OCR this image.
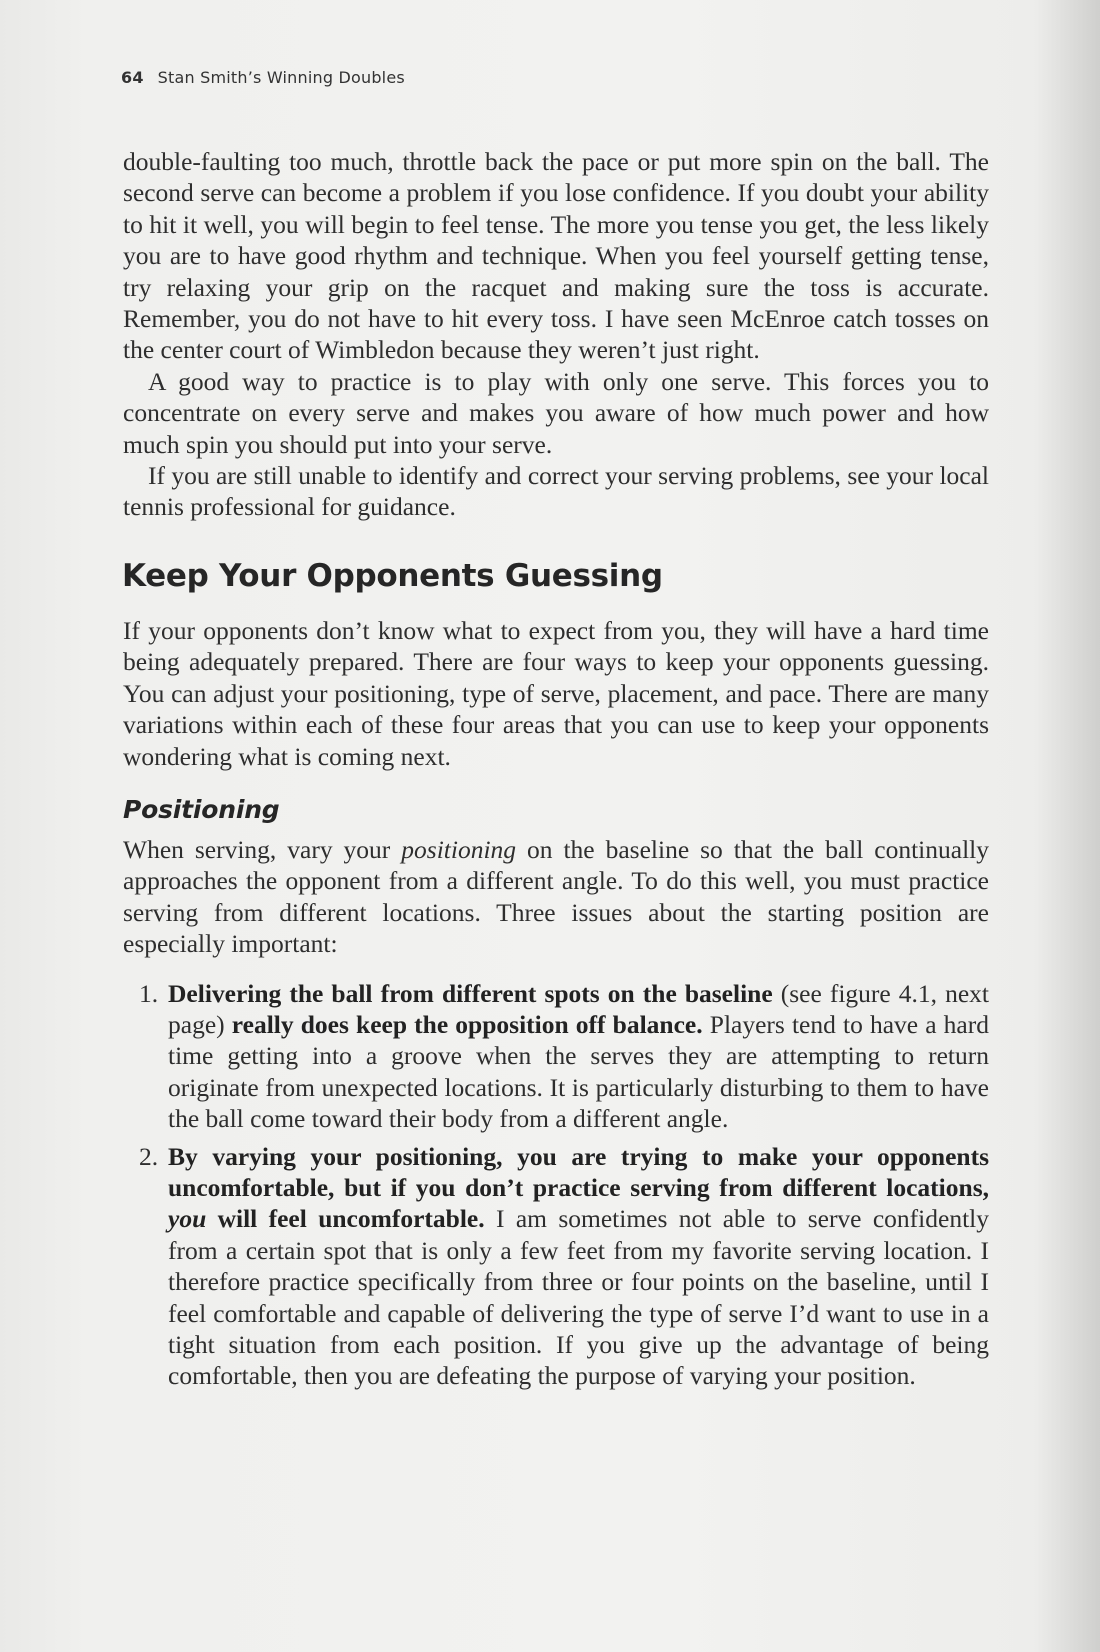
64 Stan Smith’s Winning Doubles

double-faulting too much, throttle back the pace or put more spin on the ball. The second serve can become a problem if you lose confidence. If you doubt your ability to hit it well, you will begin to feel tense. The more you tense you get, the less likely you are to have good rhythm and technique. When you feel yourself getting tense, try relaxing your grip on the racquet and making sure the toss is accurate. Remember, you do not have to hit every toss. I have seen McEnroe catch tosses on the center court of Wimbledon because they weren’t just right.

A good way to practice is to play with only one serve. This forces you to concentrate on every serve and makes you aware of how much power and how much spin you should put into your serve.

If you are still unable to identify and correct your serving problems, see your local tennis professional for guidance.

Keep Your Opponents Guessing

If your opponents don’t know what to expect from you, they will have a hard time being adequately prepared. There are four ways to keep your opponents guessing. You can adjust your positioning, type of serve, placement, and pace. There are many variations within each of these four areas that you can use to keep your opponents wondering what is coming next.

Positioning

When serving, vary your positioning on the baseline so that the ball continually approaches the opponent from a different angle. To do this well, you must practice serving from different locations. Three issues about the starting position are especially important:

1. Delivering the ball from different spots on the baseline (see figure 4.1, next page) really does keep the opposition off balance. Players tend to have a hard time getting into a groove when the serves they are attempting to return originate from unexpected locations. It is particularly disturbing to them to have the ball come toward their body from a different angle.
2. By varying your positioning, you are trying to make your opponents uncomfortable, but if you don’t practice serving from different locations, you will feel uncomfortable. I am sometimes not able to serve confidently from a certain spot that is only a few feet from my favorite serving location. I therefore practice specifically from three or four points on the baseline, until I feel comfortable and capable of delivering the type of serve I’d want to use in a tight situation from each position. If you give up the advantage of being comfortable, then you are defeating the purpose of varying your position.
